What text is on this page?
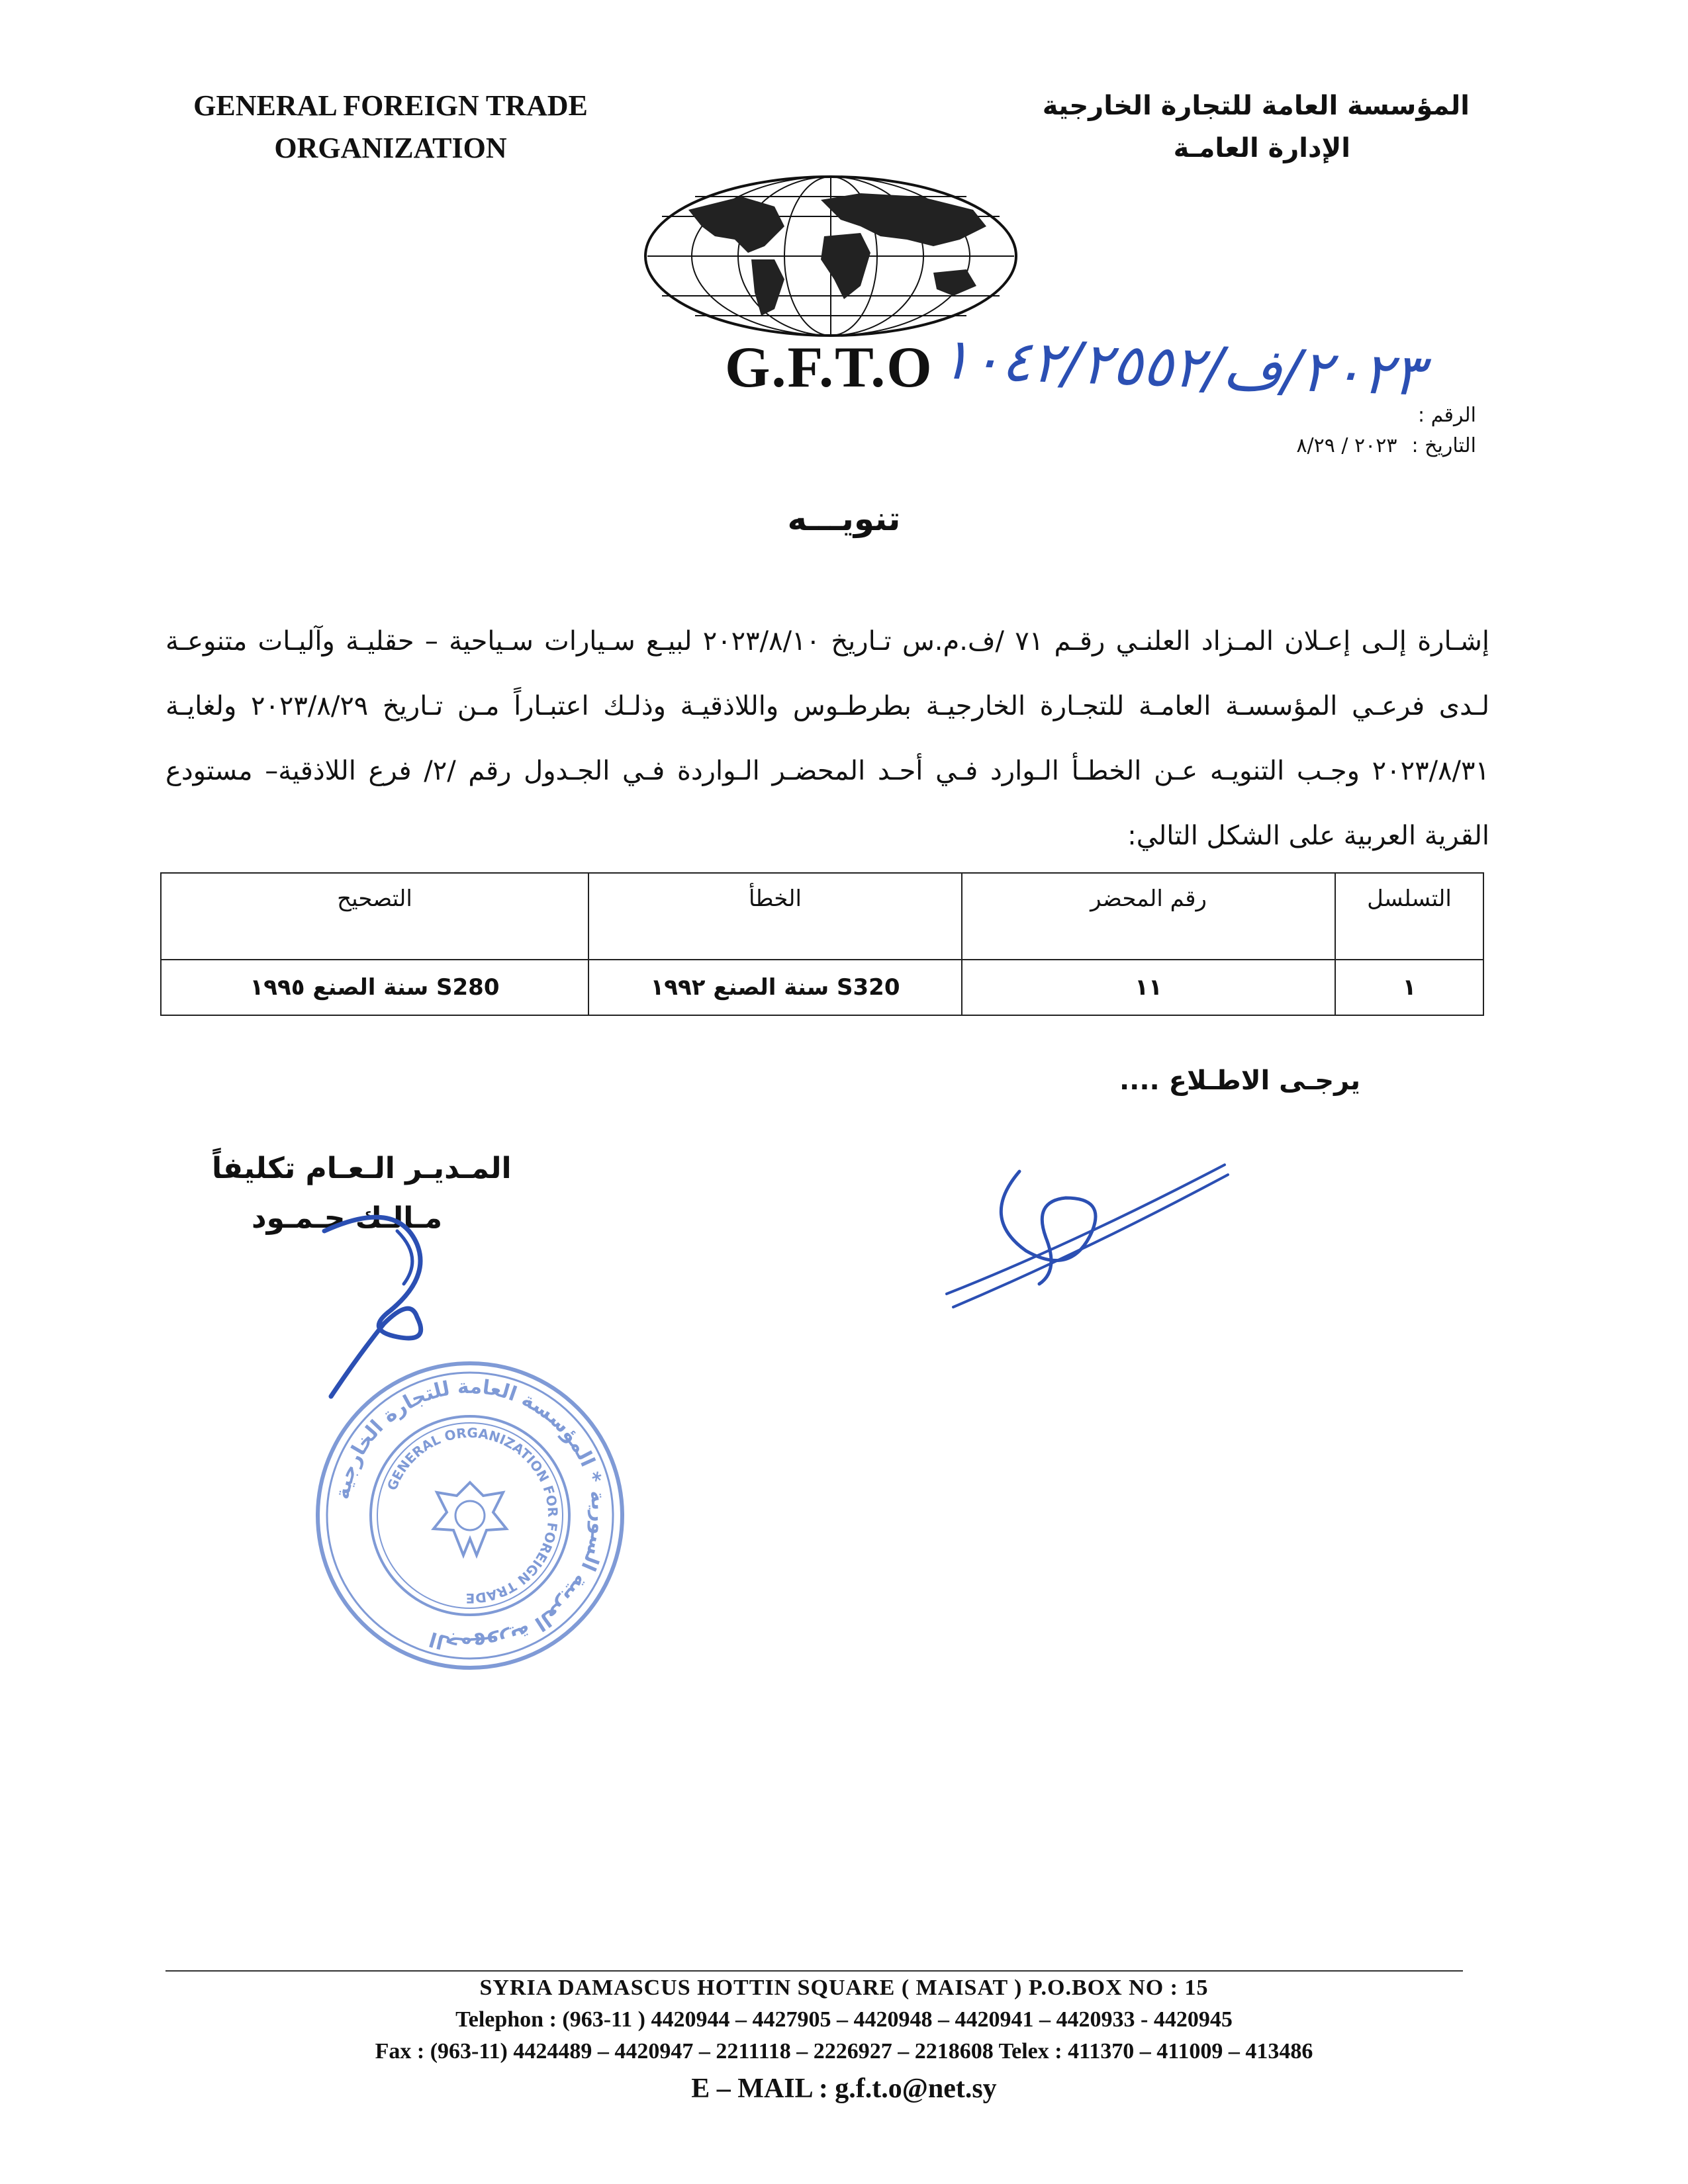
GENERAL FOREIGN TRADE
ORGANIZATION
المؤسسة العامة للتجارة الخارجية
الإدارة العامـة
G.F.T.O ٢٠٢٣/ف/١٠٤٢/٢٥٥٢
الرقم :
التاريخ :٢٠٢٣ / ٨/٢٩
تنويـــه
إشـارة إلـى إعـلان المـزاد العلنـي رقـم ٧١ /ف.م.س تـاريخ ٢٠٢٣/٨/١٠ لبيـع سـيارات سـياحية – حقليـة وآليـات متنوعـة لـدى فرعـي المؤسسـة العامـة للتجـارة الخارجيـة بطرطـوس واللاذقيـة وذلـك اعتبـاراً مـن تـاريخ ٢٠٢٣/٨/٢٩ ولغايـة ٢٠٢٣/٨/٣١ وجـب التنويـه عـن الخطـأ الـوارد فـي أحـد المحضـر الـواردة فـي الجـدول رقم /٢/ فرع اللاذقية– مستودع القرية العربية على الشكل التالي:
التسلسل	رقم المحضر	الخطأ	التصحيح
١	١١	S320 سنة الصنع ١٩٩٢	S280 سنة الصنع ١٩٩٥
يرجـى الاطـلاع ....
المـديـر الـعـام تكليفاً
مـالـك حـمـود
الجمهورية العربية السورية * المؤسسة العامة للتجارة الخارجية
GENERAL ORGANIZATION FOR FOREIGN TRADE
SYRIA DAMASCUS HOTTIN SQUARE ( MAISAT ) P.O.BOX NO : 15
Telephon : (963-11 ) 4420944 – 4427905 – 4420948 – 4420941 – 4420933 - 4420945
Fax : (963-11) 4424489 – 4420947 – 2211118 – 2226927 – 2218608 Telex : 411370 – 411009 – 413486
E – MAIL : g.f.t.o@net.sy
